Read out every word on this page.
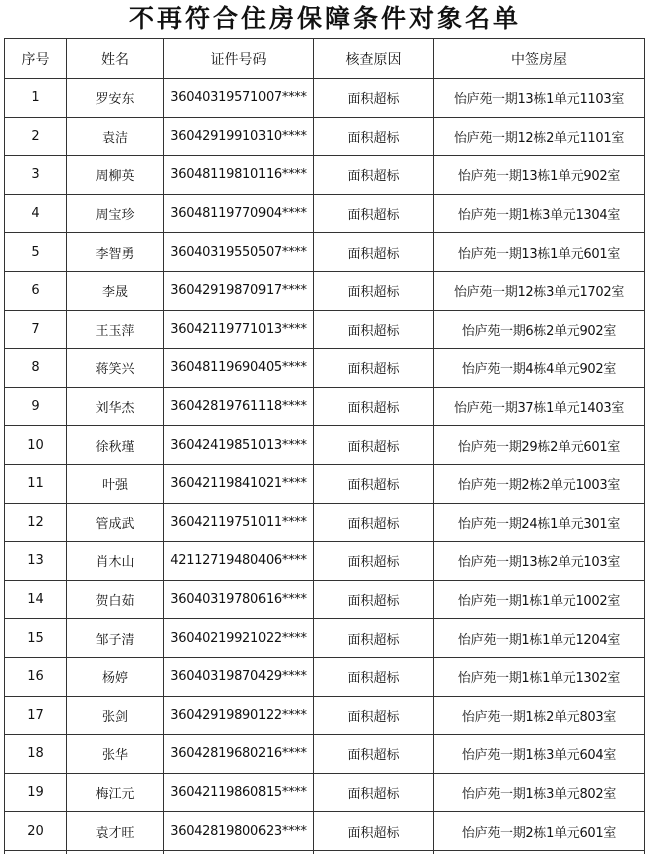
不再符合住房保障条件对象名单
序号	姓名	证件号码	核查原因	中签房屋
1	罗安东	36040319571007****	面积超标	怡庐苑一期13栋1单元1103室
2	袁洁	36042919910310****	面积超标	怡庐苑一期12栋2单元1101室
3	周柳英	36048119810116****	面积超标	怡庐苑一期13栋1单元902室
4	周宝珍	36048119770904****	面积超标	怡庐苑一期1栋3单元1304室
5	李智勇	36040319550507****	面积超标	怡庐苑一期13栋1单元601室
6	李晟	36042919870917****	面积超标	怡庐苑一期12栋3单元1702室
7	王玉萍	36042119771013****	面积超标	怡庐苑一期6栋2单元902室
8	蒋笑兴	36048119690405****	面积超标	怡庐苑一期4栋4单元902室
9	刘华杰	36042819761118****	面积超标	怡庐苑一期37栋1单元1403室
10	徐秋瑾	36042419851013****	面积超标	怡庐苑一期29栋2单元601室
11	叶强	36042119841021****	面积超标	怡庐苑一期2栋2单元1003室
12	管成武	36042119751011****	面积超标	怡庐苑一期24栋1单元301室
13	肖木山	42112719480406****	面积超标	怡庐苑一期13栋2单元103室
14	贺白茹	36040319780616****	面积超标	怡庐苑一期1栋1单元1002室
15	邹子清	36040219921022****	面积超标	怡庐苑一期1栋1单元1204室
16	杨婷	36040319870429****	面积超标	怡庐苑一期1栋1单元1302室
17	张剑	36042919890122****	面积超标	怡庐苑一期1栋2单元803室
18	张华	36042819680216****	面积超标	怡庐苑一期1栋3单元604室
19	梅江元	36042119860815****	面积超标	怡庐苑一期1栋3单元802室
20	袁才旺	36042819800623****	面积超标	怡庐苑一期2栋1单元601室
